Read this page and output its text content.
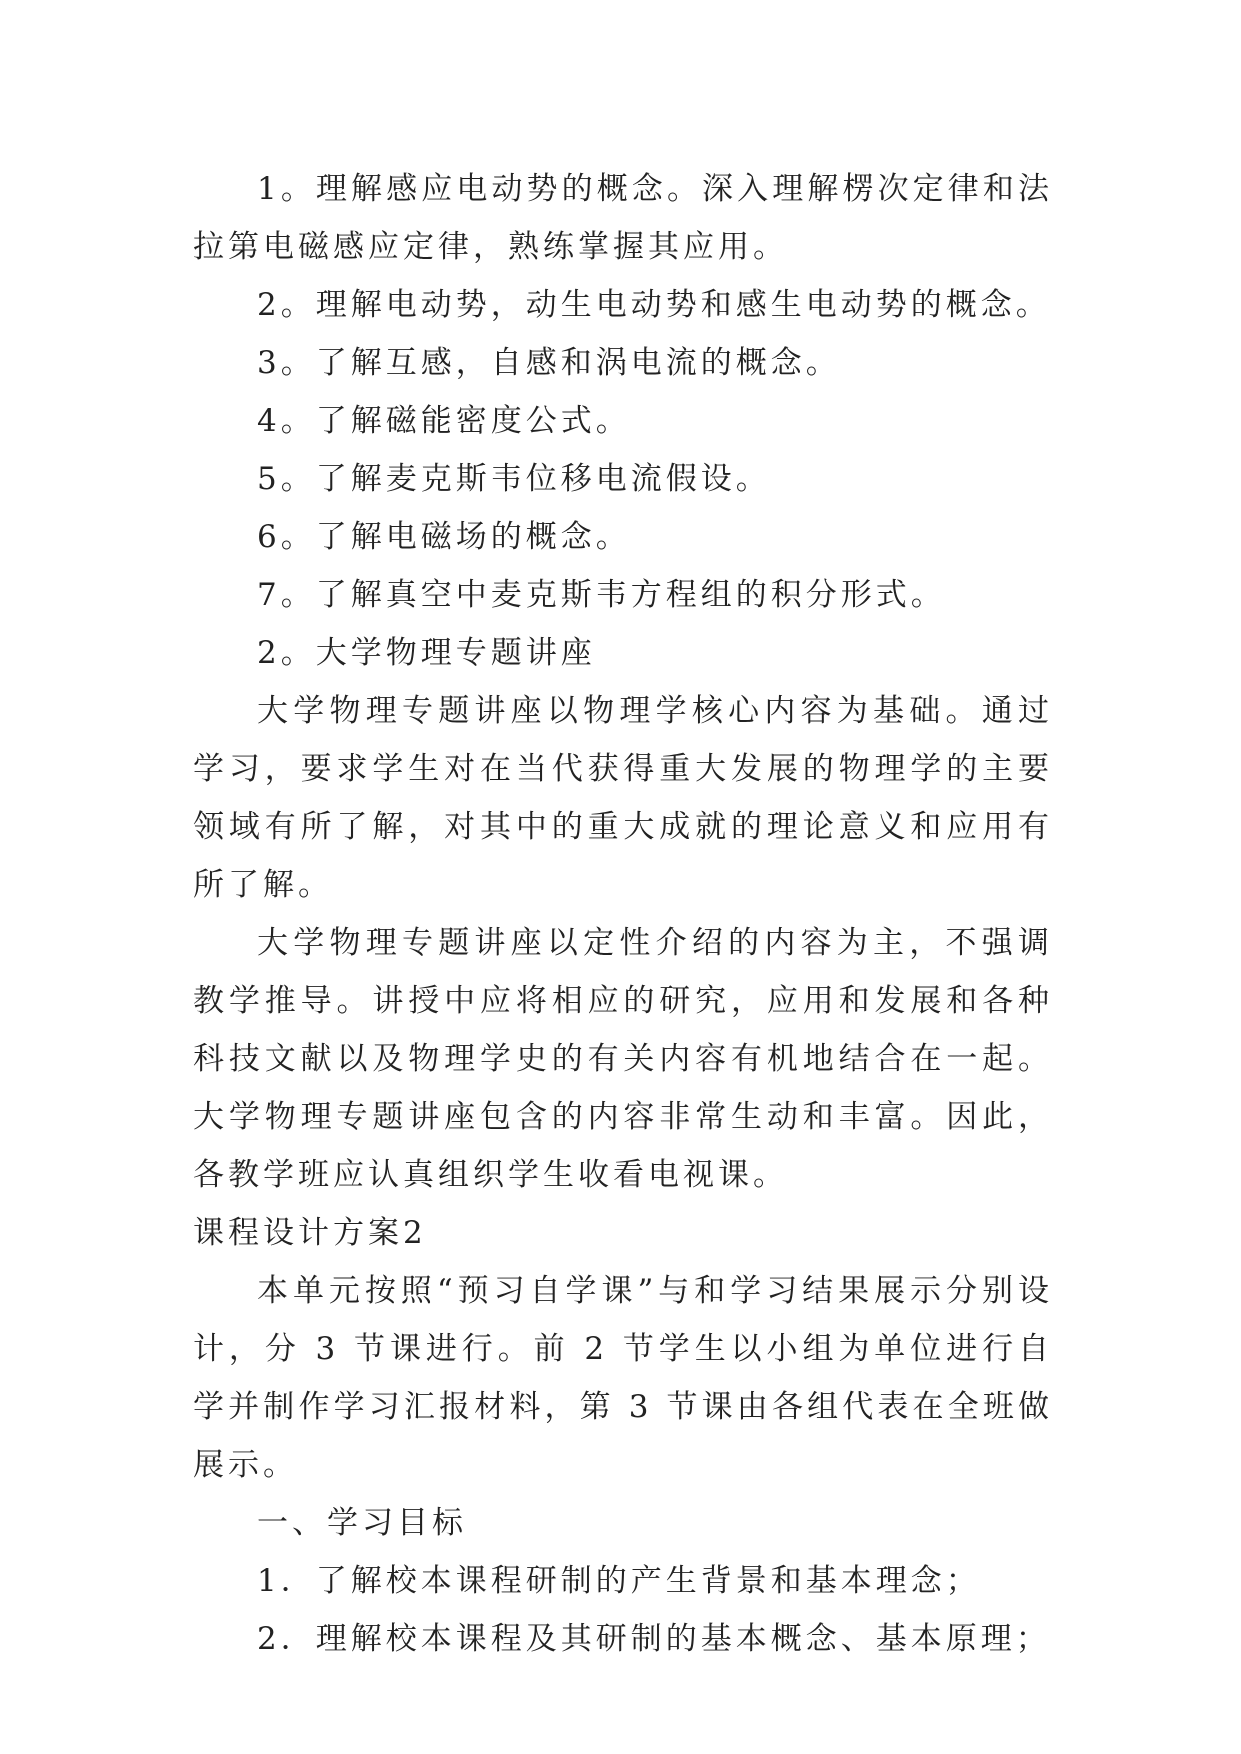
1。理解感应电动势的概念。深入理解楞次定律和法拉第电磁感应定律，熟练掌握其应用。

2。理解电动势，动生电动势和感生电动势的概念。

3。了解互感，自感和涡电流的概念。

4。了解磁能密度公式。

5。了解麦克斯韦位移电流假设。

6。了解电磁场的概念。

7。了解真空中麦克斯韦方程组的积分形式。

2。大学物理专题讲座

大学物理专题讲座以物理学核心内容为基础。通过学习，要求学生对在当代获得重大发展的物理学的主要领域有所了解，对其中的重大成就的理论意义和应用有所了解。

大学物理专题讲座以定性介绍的内容为主，不强调教学推导。讲授中应将相应的研究，应用和发展和各种科技文献以及物理学史的有关内容有机地结合在一起。大学物理专题讲座包含的内容非常生动和丰富。因此，各教学班应认真组织学生收看电视课。

课程设计方案2

本单元按照“预习自学课”与和学习结果展示分别设计，分 3 节课进行。前 2 节学生以小组为单位进行自学并制作学习汇报材料，第 3 节课由各组代表在全班做展示。

一、学习目标

1．了解校本课程研制的产生背景和基本理念；

2．理解校本课程及其研制的基本概念、基本原理；
